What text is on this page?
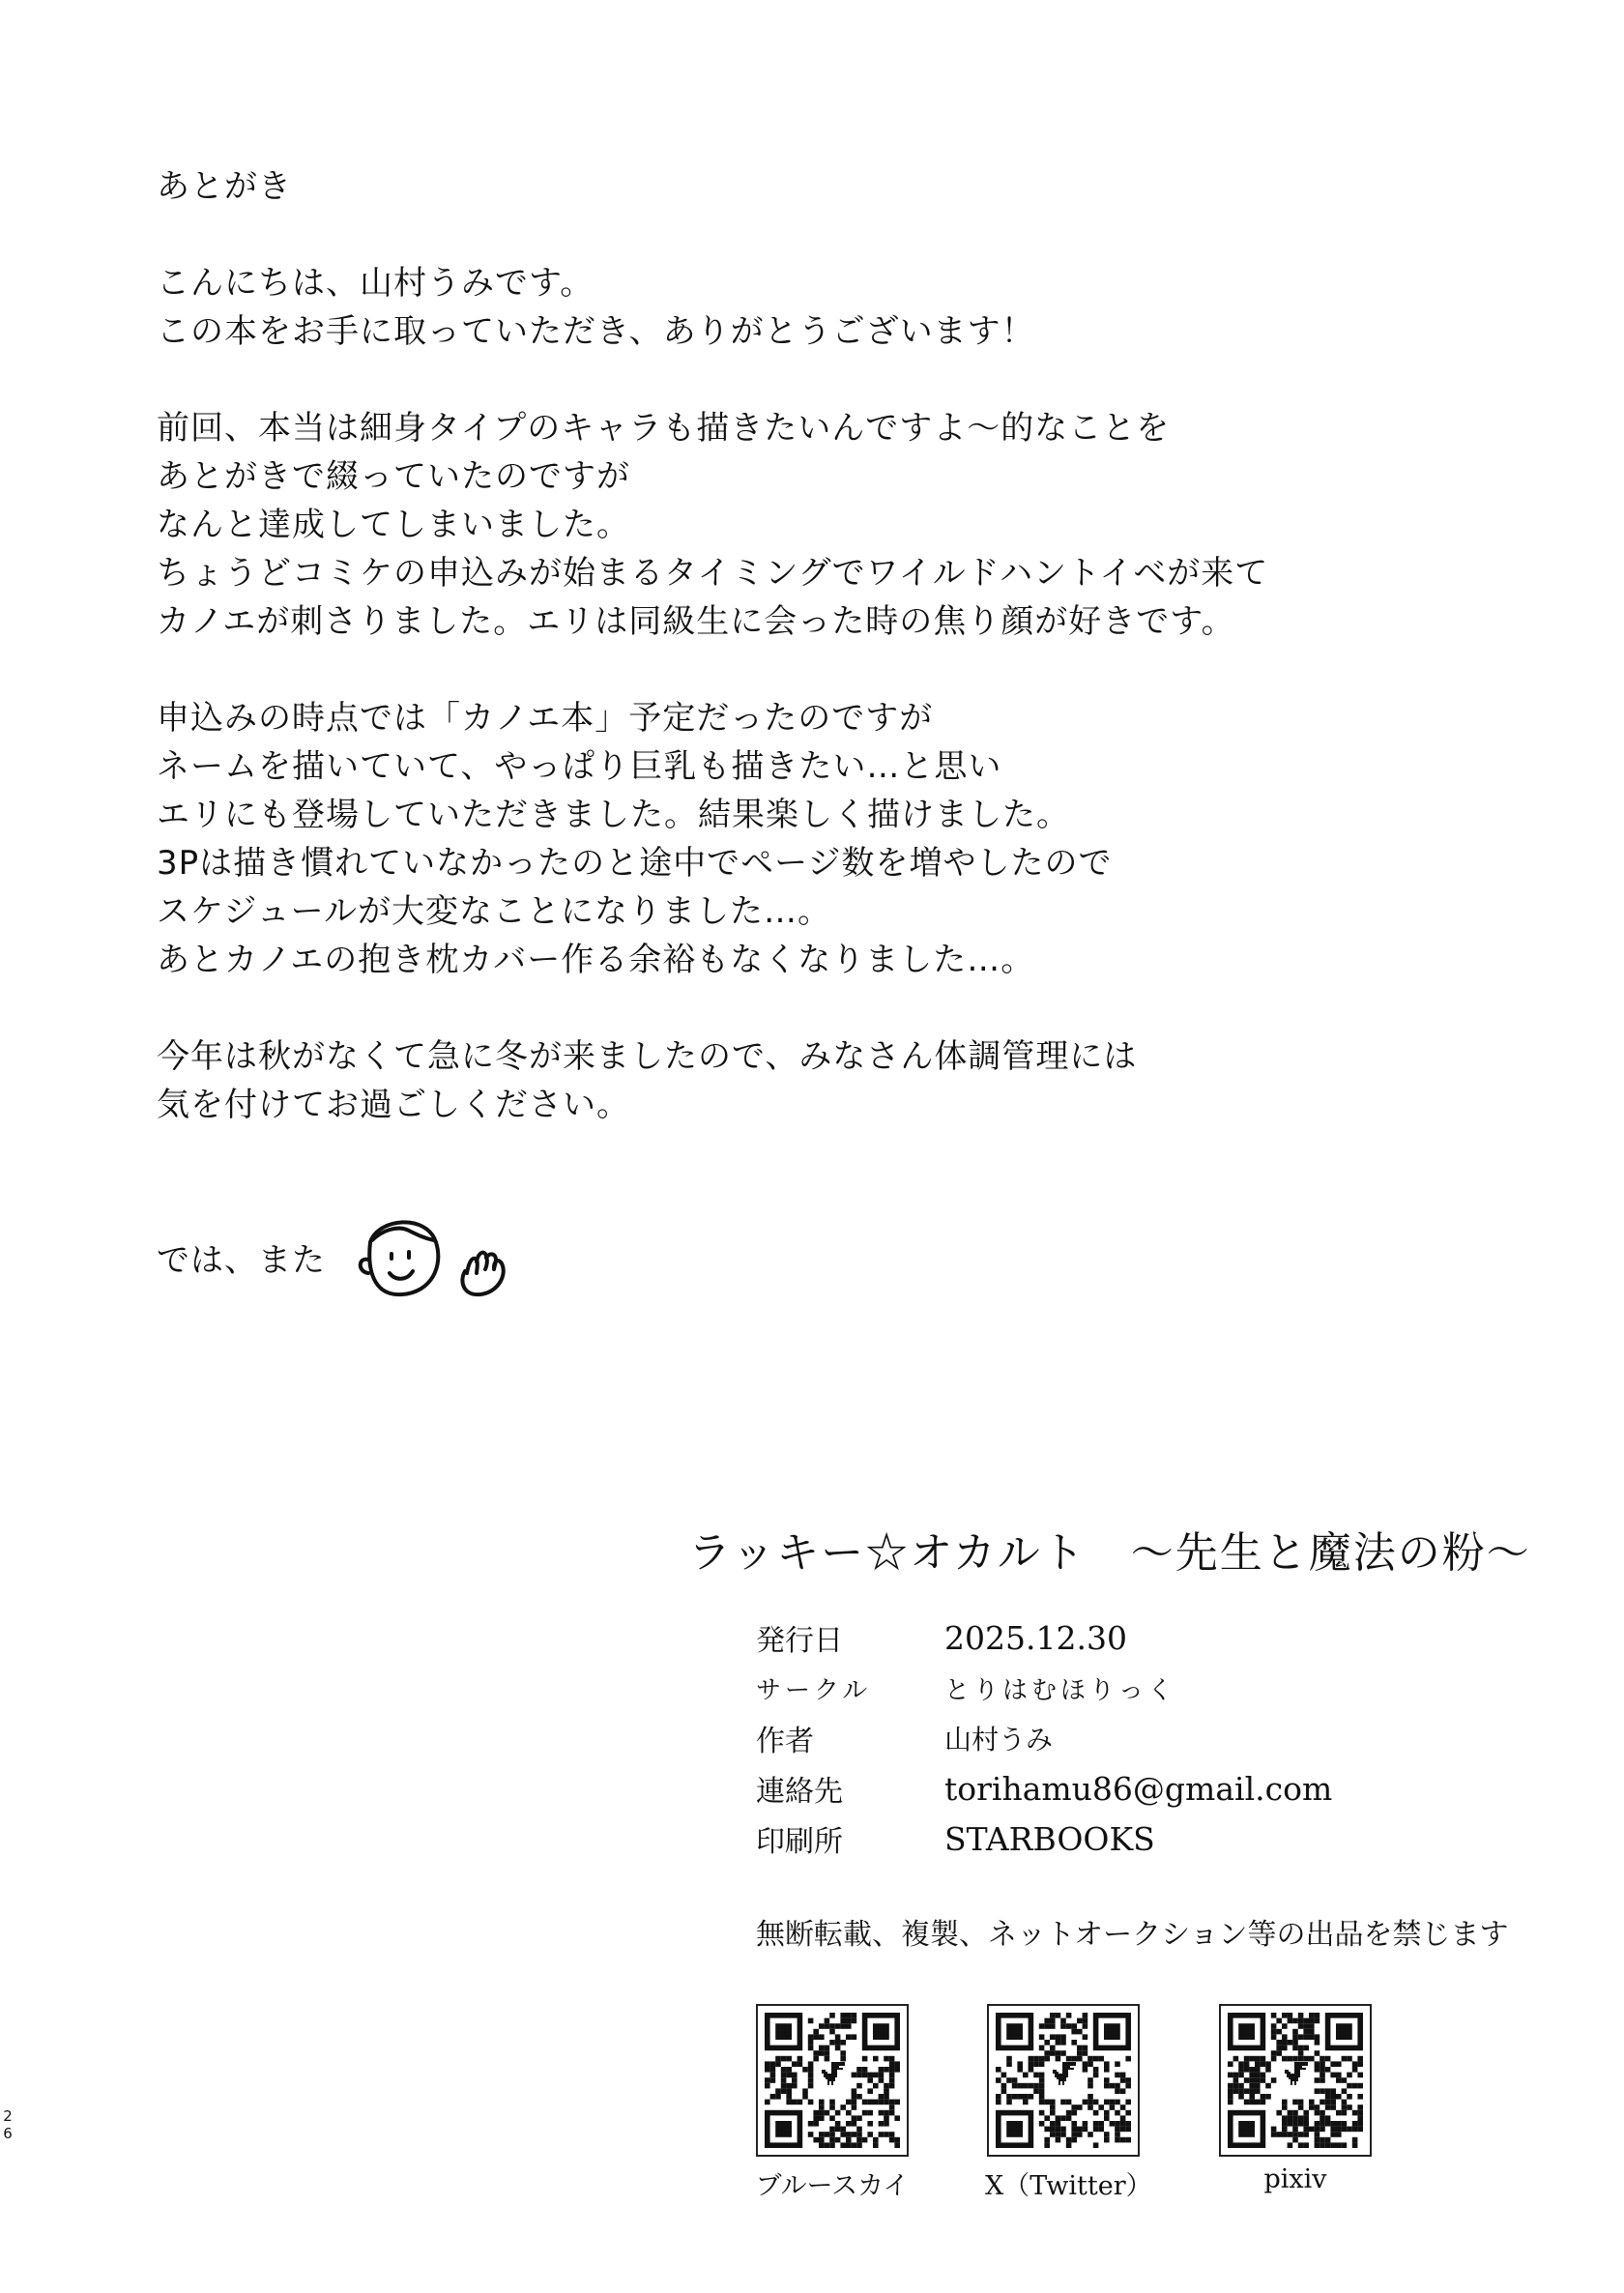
あとがき
こんにちは、山村うみです。
この本をお手に取っていただき、ありがとうございます！
前回、本当は細身タイプのキャラも描きたいんですよ〜的なことを
あとがきで綴っていたのですが
なんと達成してしまいました。
ちょうどコミケの申込みが始まるタイミングでワイルドハントイベが来て
カノエが刺さりました。エリは同級生に会った時の焦り顔が好きです。
申込みの時点では「カノエ本」予定だったのですが
ネームを描いていて、やっぱり巨乳も描きたい…と思い
エリにも登場していただきました。結果楽しく描けました。
3Pは描き慣れていなかったのと途中でページ数を増やしたので
スケジュールが大変なことになりました…。
あとカノエの抱き枕カバー作る余裕もなくなりました…。
今年は秋がなくて急に冬が来ましたので、みなさん体調管理には
気を付けてお過ごしください。
では、また
ラッキー☆オカルト　〜先生と魔法の粉〜
発行日	2025.12.30
サークル	とりはむほりっく
作者	山村うみ
連絡先	torihamu86@gmail.com
印刷所	STARBOOKS
無断転載、複製、ネットオークション等の出品を禁じます
ブルースカイ	X（Twitter）	pixiv
26
